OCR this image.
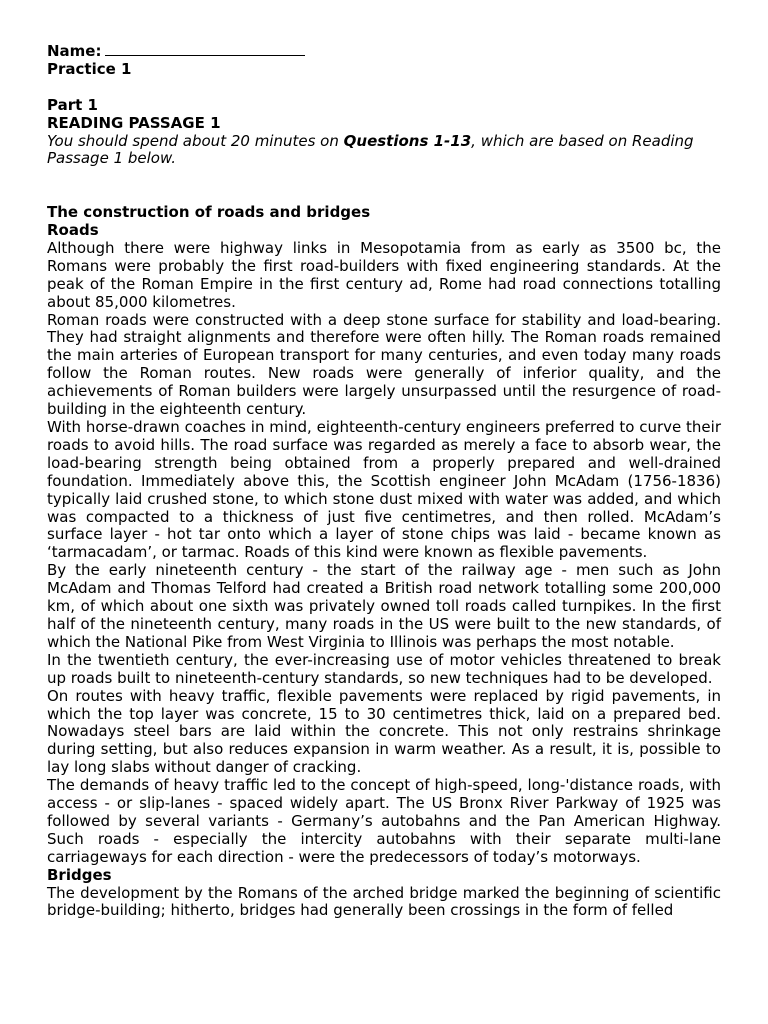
Name:
Practice 1
Part 1
READING PASSAGE 1
You should spend about 20 minutes on Questions 1-13, which are based on Reading Passage 1 below.
The construction of roads and bridges
Roads

Although there were highway links in Mesopotamia from as early as 3500 bc, the Romans were probably the first road-builders with fixed engineering standards. At the peak of the Roman Empire in the first century ad, Rome had road connections totalling about 85,000 kilometres.

Roman roads were constructed with a deep stone surface for stability and load-bearing. They had straight alignments and therefore were often hilly. The Roman roads remained the main arteries of European transport for many centuries, and even today many roads follow the Roman routes. New roads were generally of inferior quality, and the achievements of Roman builders were largely unsurpassed until the resurgence of road-building in the eighteenth century.

With horse-drawn coaches in mind, eighteenth-century engineers preferred to curve their roads to avoid hills. The road surface was regarded as merely a face to absorb wear, the load-bearing strength being obtained from a properly prepared and well-drained foundation. Immediately above this, the Scottish engineer John McAdam (1756-1836) typically laid crushed stone, to which stone dust mixed with water was added, and which was compacted to a thickness of just five centimetres, and then rolled. McAdam’s surface layer - hot tar onto which a layer of stone chips was laid - became known as ‘tarmacadam’, or tarmac. Roads of this kind were known as flexible pavements.

By the early nineteenth century - the start of the railway age - men such as John McAdam and Thomas Telford had created a British road network totalling some 200,000 km, of which about one sixth was privately owned toll roads called turnpikes. In the first half of the nineteenth century, many roads in the US were built to the new standards, of which the National Pike from West Virginia to Illinois was perhaps the most notable.

In the twentieth century, the ever-increasing use of motor vehicles threatened to break up roads built to nineteenth-century standards, so new techniques had to be developed.

On routes with heavy traffic, flexible pavements were replaced by rigid pavements, in which the top layer was concrete, 15 to 30 centimetres thick, laid on a prepared bed. Nowadays steel bars are laid within the concrete. This not only restrains shrinkage during setting, but also reduces expansion in warm weather. As a result, it is, possible to lay long slabs without danger of cracking.

The demands of heavy traffic led to the concept of high-speed, long-'distance roads, with access - or slip-lanes - spaced widely apart. The US Bronx River Parkway of 1925 was followed by several variants - Germany’s autobahns and the Pan American Highway. Such roads - especially the intercity autobahns with their separate multi-lane carriageways for each direction - were the predecessors of today’s motorways.

Bridges

The development by the Romans of the arched bridge marked the beginning of scientific bridge-building; hitherto, bridges had generally been crossings in the form of felled
